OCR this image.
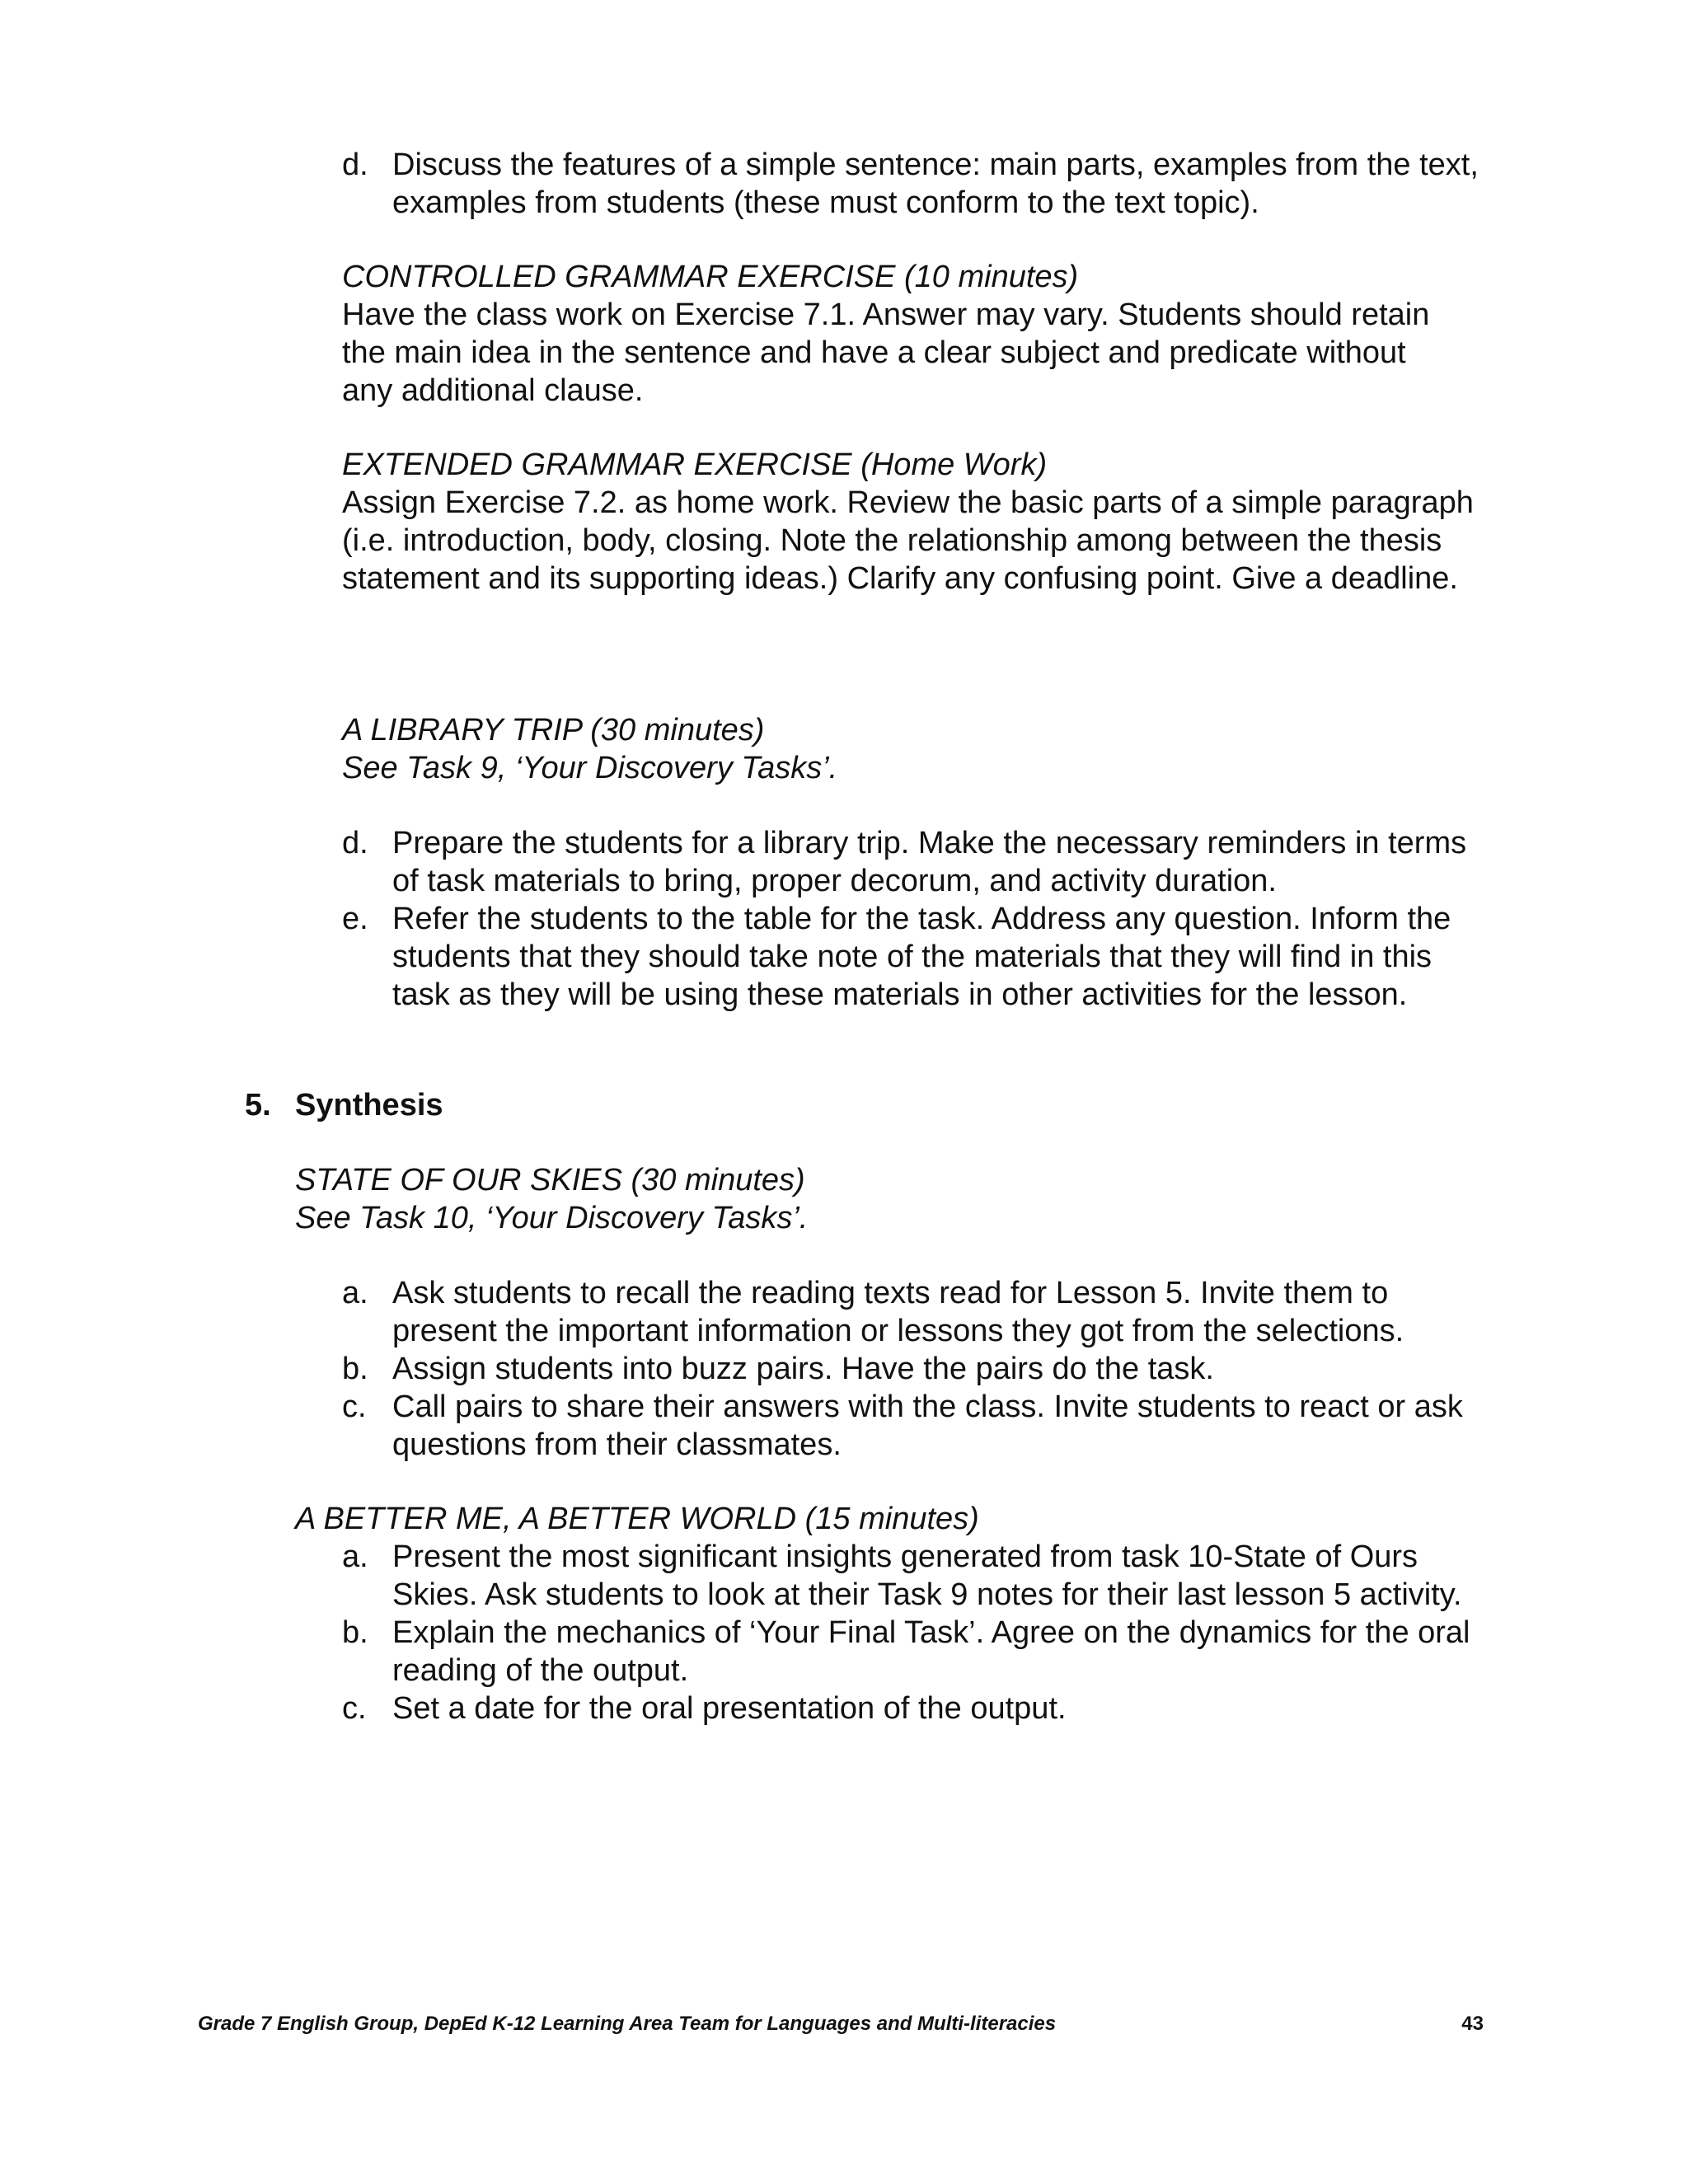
d. Discuss the features of a simple sentence: main parts, examples from the text, examples from students (these must conform to the text topic).
CONTROLLED GRAMMAR EXERCISE (10 minutes)
Have the class work on Exercise 7.1. Answer may vary. Students should retain the main idea in the sentence and have a clear subject and predicate without any additional clause.
EXTENDED GRAMMAR EXERCISE (Home Work)
Assign Exercise 7.2. as home work. Review the basic parts of a simple paragraph (i.e. introduction, body, closing. Note the relationship among between the thesis statement and its supporting ideas.) Clarify any confusing point. Give a deadline.
A LIBRARY TRIP (30 minutes)
See Task 9, ‘Your Discovery Tasks’.
d. Prepare the students for a library trip. Make the necessary reminders in terms of task materials to bring, proper decorum, and activity duration.
e. Refer the students to the table for the task. Address any question. Inform the students that they should take note of the materials that they will find in this task as they will be using these materials in other activities for the lesson.
5. Synthesis
STATE OF OUR SKIES (30 minutes)
See Task 10, ‘Your Discovery Tasks’.
a. Ask students to recall the reading texts read for Lesson 5. Invite them to present the important information or lessons they got from the selections.
b. Assign students into buzz pairs. Have the pairs do the task.
c. Call pairs to share their answers with the class. Invite students to react or ask questions from their classmates.
A BETTER ME, A BETTER WORLD (15 minutes)
a. Present the most significant insights generated from task 10-State of Ours Skies. Ask students to look at their Task 9 notes for their last lesson 5 activity.
b. Explain the mechanics of ‘Your Final Task’. Agree on the dynamics for the oral reading of the output.
c. Set a date for the oral presentation of the output.
Grade 7 English Group, DepEd K-12 Learning Area Team for Languages and Multi-literacies	43
